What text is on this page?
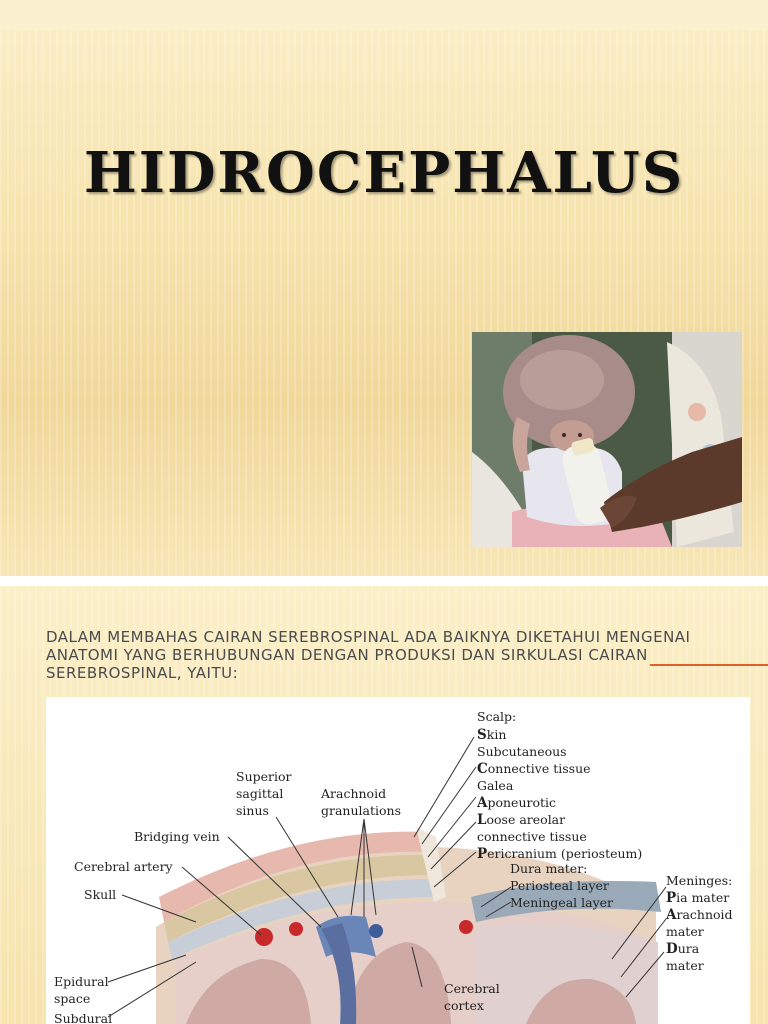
HIDROCEPHALUS
DALAM MEMBAHAS CAIRAN SEREBROSPINAL ADA BAIKNYA DIKETAHUI MENGENAI ANATOMI YANG BERHUBUNGAN DENGAN PRODUKSI DAN SIRKULASI CAIRAN SEREBROSPINAL, YAITU:
Scalp:
Skin
Subcutaneous
Connective tissue
Galea
Aponeurotic
Loose areolar
connective tissue
Pericranium (periosteum)
Superior
sagittal
sinus
Arachnoid
granulations
Bridging vein
Cerebral artery
Skull
Dura mater:
Periosteal layer
Meningeal layer
Meninges:
Pia mater
Arachnoid
mater
Dura
mater
Epidural
space
Subdural
Cerebral
cortex
